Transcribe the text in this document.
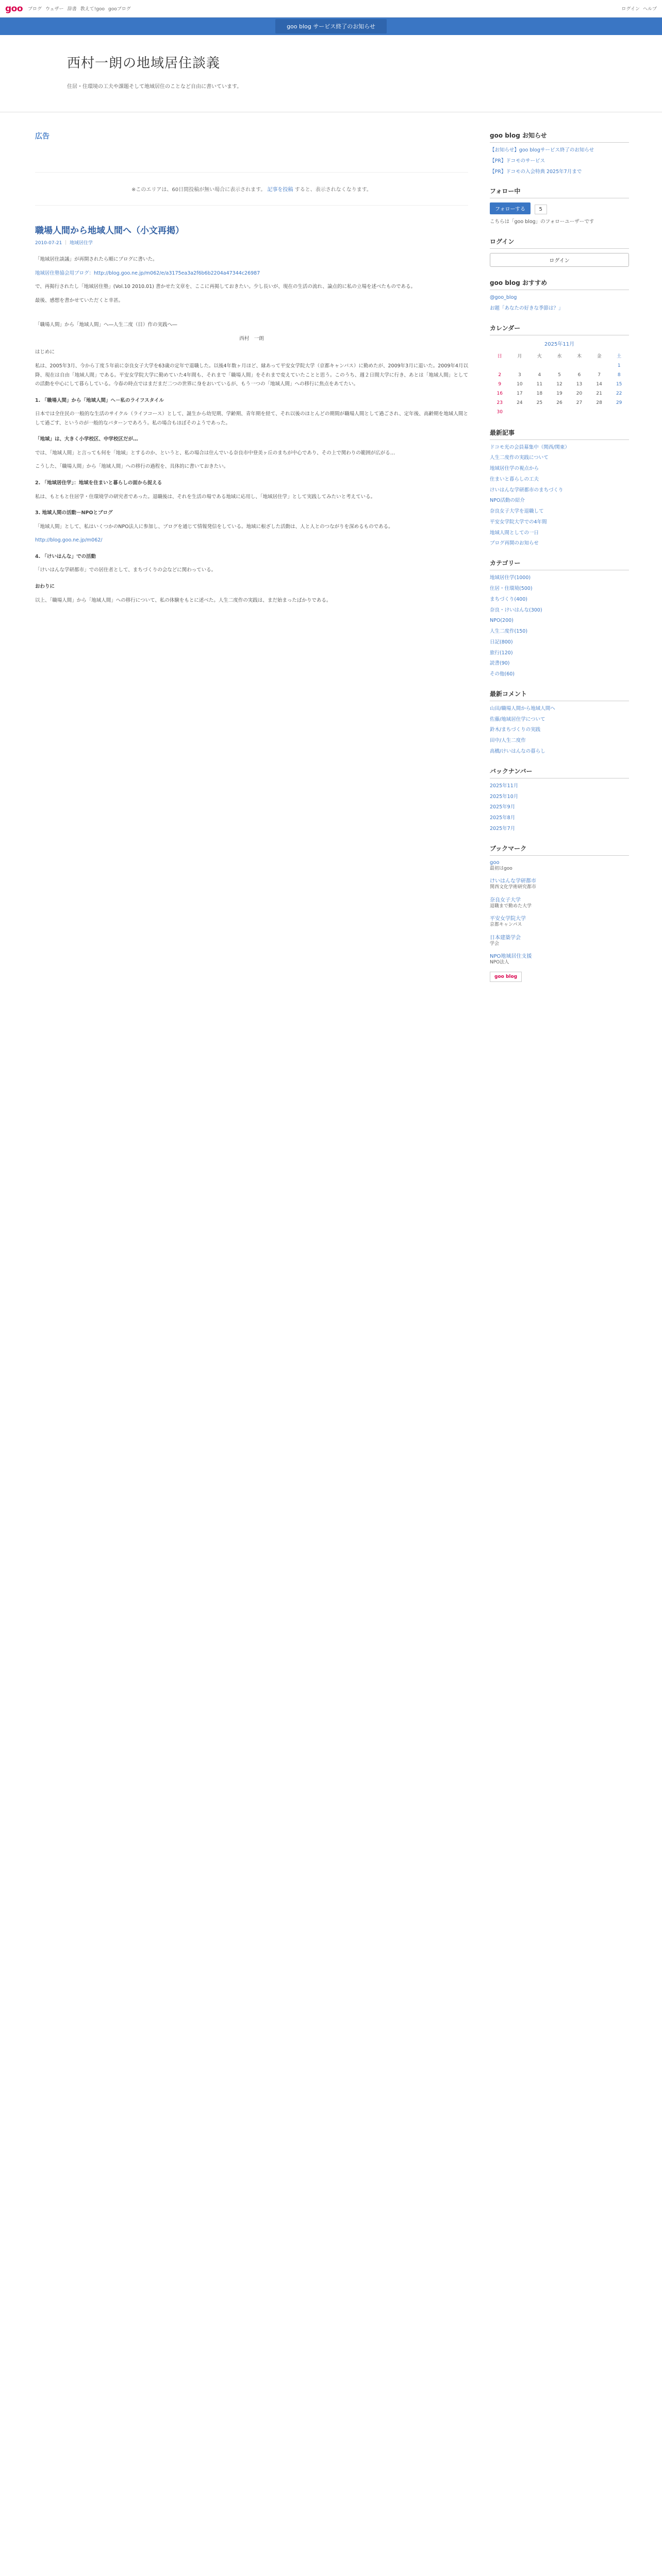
goo ブログ ウェザー 辞書 教えて!goo gooブログ	ログイン ヘルプ
goo blog サービス終了のお知らせ
西村一朗の地域居住談義
住居・住環境の工夫や課題そして地域居住のことなど自由に書いています。
広告
※このエリアは、60日間投稿が無い場合に表示されます。 記事を投稿 すると、表示されなくなります。
職場人間から地域人間へ（小文再掲）
2010-07-21 ｜ 地域居住学

「地域居住談議」が再開されたら順にブログに書いた。

地域居住塾協会用ブログ：http://blog.goo.ne.jp/m062/e/a3175ea3a2f6b6b2204a47344c26987

で、再掲行されたし「地域居住塾」(Vol.10 2010.01) 書かせた文章を、ここに再掲しておきたい。少し長いが、現在の生活の流れ、論点的に私の立場を述べたものである。

最後、感想を書かせていただくと幸甚。

「職場人間」から「地域人間」へ―人生二度（目）作の実践へ―

西村　一朗

はじめに

私は、2005年3月、今から丁度５年前に奈良女子大学を63歳の定年で退職した。以後4年数ヶ月ほど、縁あって平安女学院大学（京都キャンパス）に勤めたが、2009年3月に退いた。2009年4月以降、現在は自由「地域人間」である。平安女学院大学に勤めていた4年間も、それまで「職場人間」をそれまで変えていたことと思う。このうち、週２日間大学に行き、あとは「地域人間」としての活動を中心にして暮らしている。今春の時点ではまだまだ二つの世界に身をおいているが、もう一つの「地域人間」への移行に焦点をあてたい。

1. 「職場人間」から「地域人間」へ－私のライフスタイル

日本では全住民の一般的な生活のサイクル（ライフコース）として、誕生から幼児期、学齢期、青年期を経て、それ以後のほとんどの期間が職場人間として過ごされ、定年後、高齢期を地域人間として過ごす、というのが一般的なパターンであろう。私の場合もほぼそのようであった。

「地域」は、大きく小学校区、中学校区だが…

では、「地域人間」と言っても何を「地域」とするのか、というと、私の場合は住んでいる奈良市中登美ヶ丘のまちが中心であり、その上で関わりの範囲が広がる…

こうした、「職場人間」から「地域人間」への移行の過程を、具体的に書いておきたい。

2. 「地域居住学」：地域を住まいと暮らしの面から捉える

私は、もともと住居学・住環境学の研究者であった。退職後は、それを生活の場である地域に応用し、「地域居住学」として実践してみたいと考えている。

3. 地域人間の活動－NPOとブログ

「地域人間」として、私はいくつかのNPO法人に参加し、ブログを通じて情報発信をしている。地域に根ざした活動は、人と人とのつながりを深めるものである。

http://blog.goo.ne.jp/m062/

4. 「けいはんな」での活動

「けいはんな学研都市」での居住者として、まちづくりの会などに関わっている。

おわりに

以上、「職場人間」から「地域人間」への移行について、私の体験をもとに述べた。人生二度作の実践は、まだ始まったばかりである。

goo blog お知らせ
【お知らせ】goo blogサービス終了のお知らせ
【PR】ドコモのサービス
【PR】ドコモの入会特典 2025年7月まで
フォロー中
フォローする	5
こちらは「goo blog」のフォローユーザーです
ログイン
ログイン
goo blog おすすめ
@goo_blog
お題「あなたの好きな季節は？」
カレンダー
2025年11月
日	月	火	水	木	金	土
						1
2	3	4	5	6	7	8
9	10	11	12	13	14	15
16	17	18	19	20	21	22
23	24	25	26	27	28	29
30						
最新記事
ドコモ光の会員募集中（関西/関東）
人生二度作の実践について
地域居住学の視点から
住まいと暮らしの工夫
けいはんな学研都市のまちづくり
NPO活動の紹介
奈良女子大学を退職して
平安女学院大学での4年間
地域人間としての一日
ブログ再開のお知らせ
カテゴリー
地域居住学(1000)
住居・住環境(500)
まちづくり(400)
奈良・けいはんな(300)
NPO(200)
人生二度作(150)
日記(800)
旅行(120)
読書(90)
その他(60)
最新コメント
山田/職場人間から地域人間へ
佐藤/地域居住学について
鈴木/まちづくりの実践
田中/人生二度作
高橋/けいはんなの暮らし
バックナンバー
2025年11月
2025年10月
2025年9月
2025年8月
2025年7月
ブックマーク
goo
最初はgoo
けいはんな学研都市
関西文化学術研究都市
奈良女子大学
退職まで勤めた大学
平安女学院大学
京都キャンパス
日本建築学会
学会
NPO地域居住支援
NPO法人
goo blog
